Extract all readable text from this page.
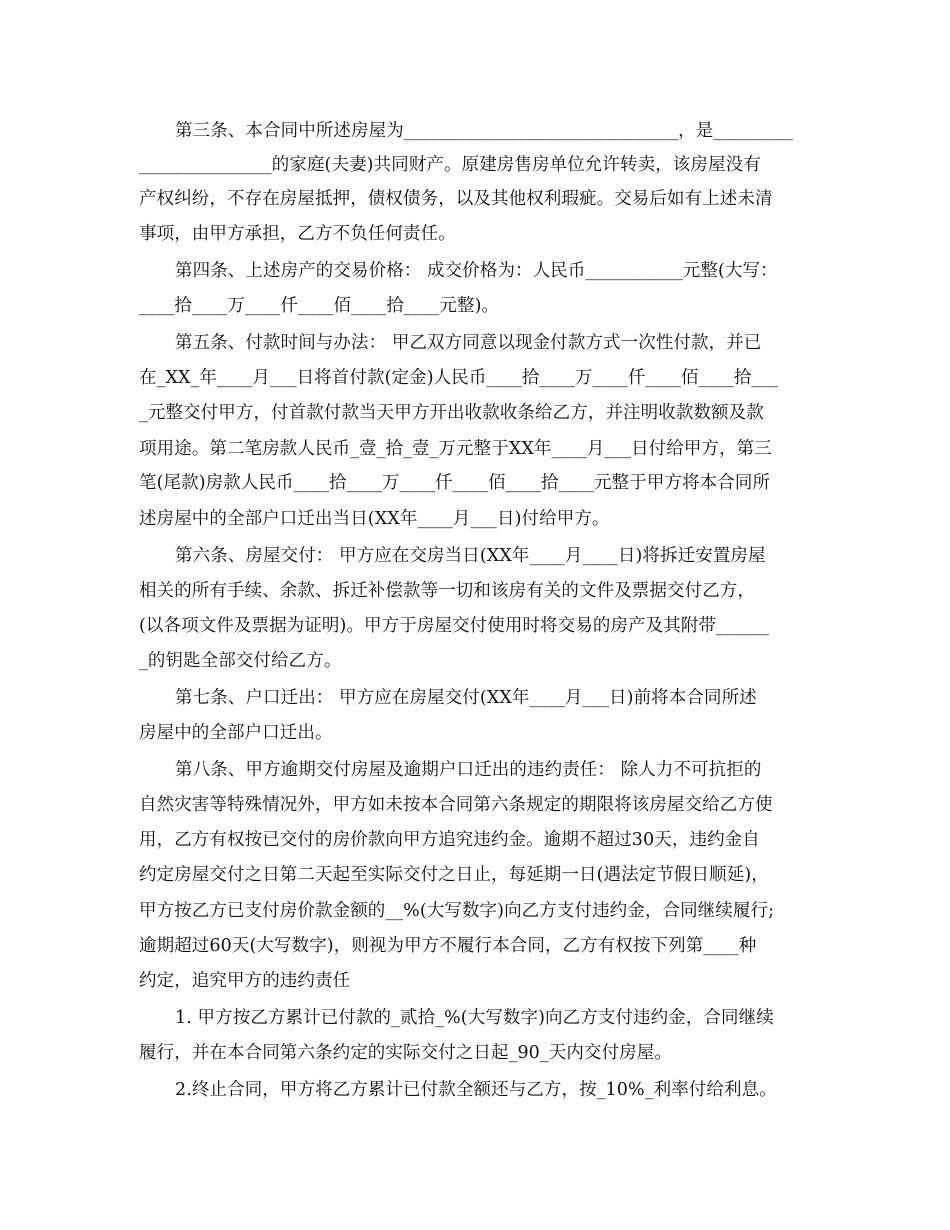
第三条、本合同中所述房屋为_______________________________，是_________
_______________的家庭(夫妻)共同财产。原建房售房单位允许转卖，该房屋没有
产权纠纷，不存在房屋抵押，债权债务，以及其他权利瑕疵。交易后如有上述未清
事项，由甲方承担，乙方不负任何责任。
第四条、上述房产的交易价格： 成交价格为：人民币___________元整(大写：
____拾____万____仟____佰____拾____元整)。
第五条、付款时间与办法： 甲乙双方同意以现金付款方式一次性付款，并已
在_XX_年____月___日将首付款(定金)人民币____拾____万____仟____佰____拾___
_元整交付甲方，付首款付款当天甲方开出收款收条给乙方，并注明收款数额及款
项用途。第二笔房款人民币_壹_拾_壹_万元整于XX年____月___日付给甲方，第三
笔(尾款)房款人民币____拾____万____仟____佰____拾____元整于甲方将本合同所
述房屋中的全部户口迁出当日(XX年____月___日)付给甲方。
第六条、房屋交付： 甲方应在交房当日(XX年____月____日)将拆迁安置房屋
相关的所有手续、余款、拆迁补偿款等一切和该房有关的文件及票据交付乙方，
(以各项文件及票据为证明)。甲方于房屋交付使用时将交易的房产及其附带______
_的钥匙全部交付给乙方。
第七条、户口迁出： 甲方应在房屋交付(XX年____月___日)前将本合同所述
房屋中的全部户口迁出。
第八条、甲方逾期交付房屋及逾期户口迁出的违约责任： 除人力不可抗拒的
自然灾害等特殊情况外，甲方如未按本合同第六条规定的期限将该房屋交给乙方使
用，乙方有权按已交付的房价款向甲方追究违约金。逾期不超过30天，违约金自
约定房屋交付之日第二天起至实际交付之日止，每延期一日(遇法定节假日顺延)，
甲方按乙方已支付房价款金额的__%(大写数字)向乙方支付违约金，合同继续履行;
逾期超过60天(大写数字)，则视为甲方不履行本合同，乙方有权按下列第____种
约定，追究甲方的违约责任
1. 甲方按乙方累计已付款的_贰拾_%(大写数字)向乙方支付违约金，合同继续
履行，并在本合同第六条约定的实际交付之日起_90_天内交付房屋。
2.终止合同，甲方将乙方累计已付款全额还与乙方，按_10%_利率付给利息。
